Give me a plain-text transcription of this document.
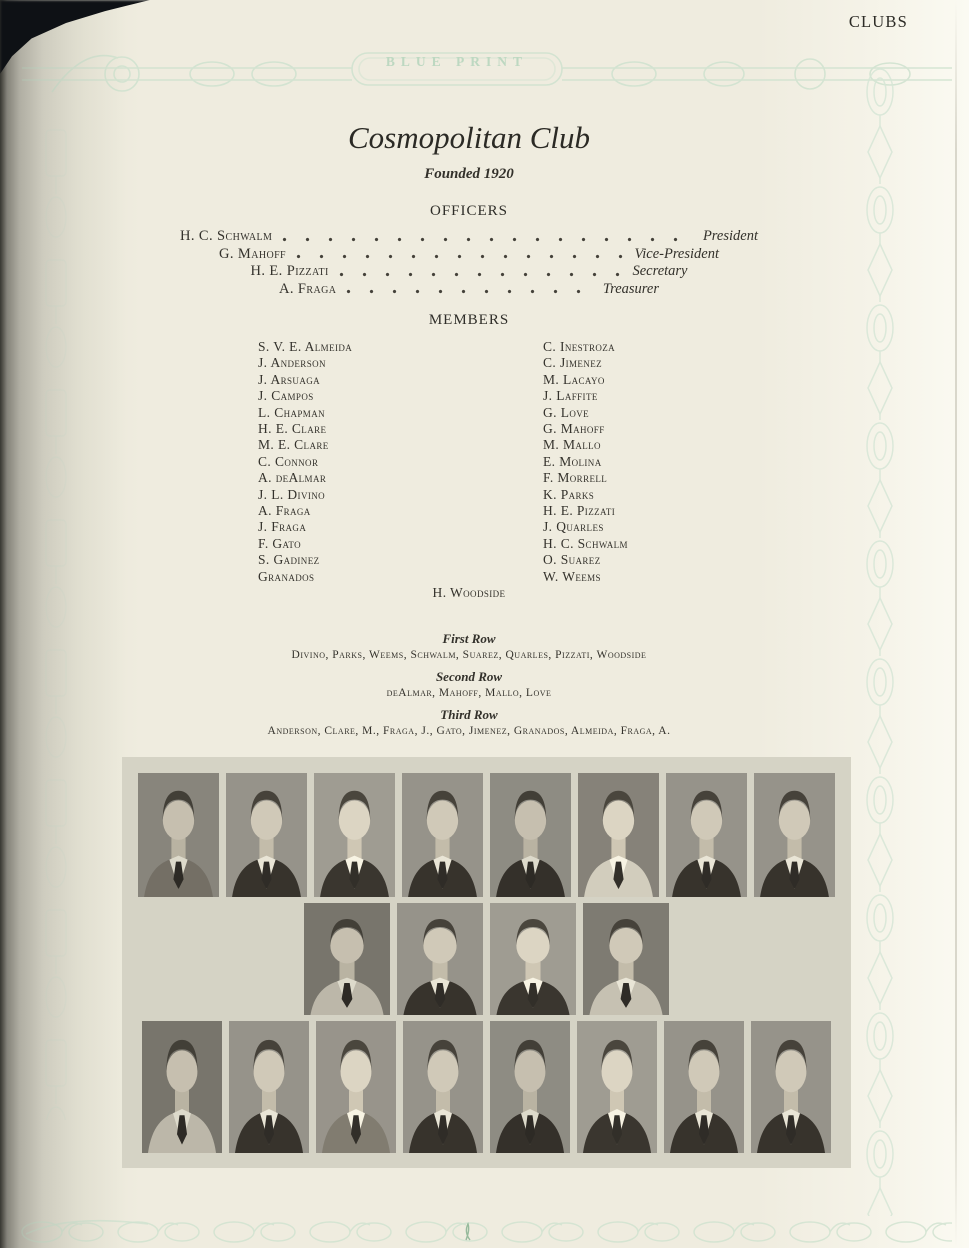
BLUE PRINT
CLUBS
Cosmopolitan Club
Founded 1920
OFFICERS
H. C. Schwalm	President
G. Mahoff	Vice-President
H. E. Pizzati	Secretary
A. Fraga	Treasurer
MEMBERS
S. V. E. Almeida
J. Anderson
J. Arsuaga
J. Campos
L. Chapman
H. E. Clare
M. E. Clare
C. Connor
A. deAlmar
J. L. Divino
A. Fraga
J. Fraga
F. Gato
S. Gadinez
Granados
C. Inestroza
C. Jimenez
M. Lacayo
J. Laffite
G. Love
G. Mahoff
M. Mallo
E. Molina
F. Morrell
K. Parks
H. E. Pizzati
J. Quarles
H. C. Schwalm
O. Suarez
W. Weems
H. Woodside
First Row
Divino, Parks, Weems, Schwalm, Suarez, Quarles, Pizzati, Woodside
Second Row
deAlmar, Mahoff, Mallo, Love
Third Row
Anderson, Clare, M., Fraga, J., Gato, Jimenez, Granados, Almeida, Fraga, A.
